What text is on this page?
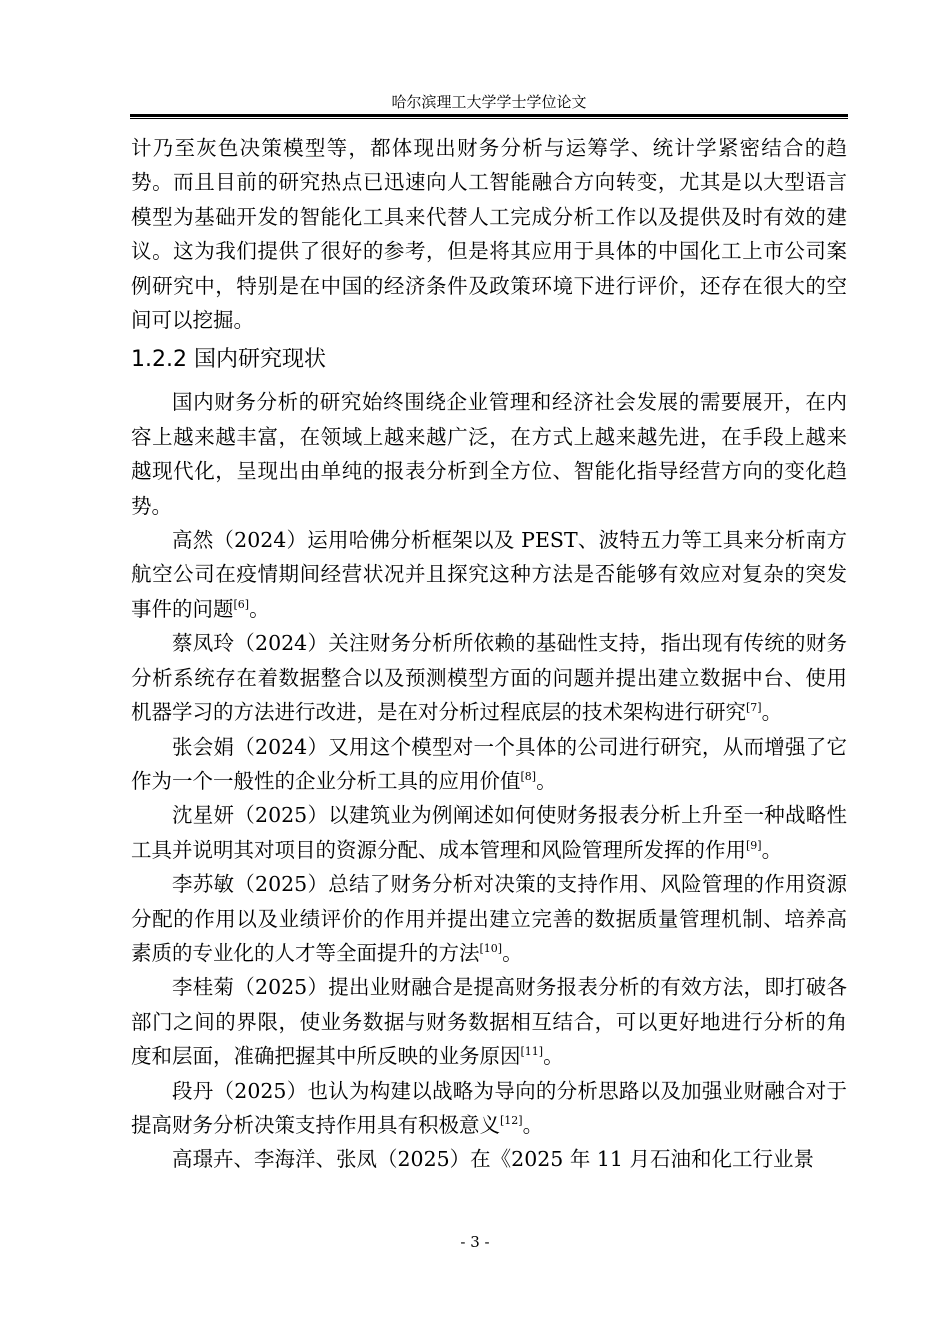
哈尔滨理工大学学士学位论文

计乃至灰色决策模型等，都体现出财务分析与运筹学、统计学紧密结合的趋势。而且目前的研究热点已迅速向人工智能融合方向转变，尤其是以大型语言模型为基础开发的智能化工具来代替人工完成分析工作以及提供及时有效的建议。这为我们提供了很好的参考，但是将其应用于具体的中国化工上市公司案例研究中，特别是在中国的经济条件及政策环境下进行评价，还存在很大的空间可以挖掘。

1.2.2 国内研究现状

国内财务分析的研究始终围绕企业管理和经济社会发展的需要展开，在内容上越来越丰富，在领域上越来越广泛，在方式上越来越先进，在手段上越来越现代化，呈现出由单纯的报表分析到全方位、智能化指导经营方向的变化趋势。

高然（2024）运用哈佛分析框架以及 PEST、波特五力等工具来分析南方航空公司在疫情期间经营状况并且探究这种方法是否能够有效应对复杂的突发事件的问题[6]。

蔡凤玲（2024）关注财务分析所依赖的基础性支持，指出现有传统的财务分析系统存在着数据整合以及预测模型方面的问题并提出建立数据中台、使用机器学习的方法进行改进，是在对分析过程底层的技术架构进行研究[7]。

张会娟（2024）又用这个模型对一个具体的公司进行研究，从而增强了它作为一个一般性的企业分析工具的应用价值[8]。

沈星妍（2025）以建筑业为例阐述如何使财务报表分析上升至一种战略性工具并说明其对项目的资源分配、成本管理和风险管理所发挥的作用[9]。

李苏敏（2025）总结了财务分析对决策的支持作用、风险管理的作用资源分配的作用以及业绩评价的作用并提出建立完善的数据质量管理机制、培养高素质的专业化的人才等全面提升的方法[10]。

李桂菊（2025）提出业财融合是提高财务报表分析的有效方法，即打破各部门之间的界限，使业务数据与财务数据相互结合，可以更好地进行分析的角度和层面，准确把握其中所反映的业务原因[11]。

段丹（2025）也认为构建以战略为导向的分析思路以及加强业财融合对于提高财务分析决策支持作用具有积极意义[12]。

高璟卉、李海洋、张凤（2025）在《2025 年 11 月石油和化工行业景

- 3 -
